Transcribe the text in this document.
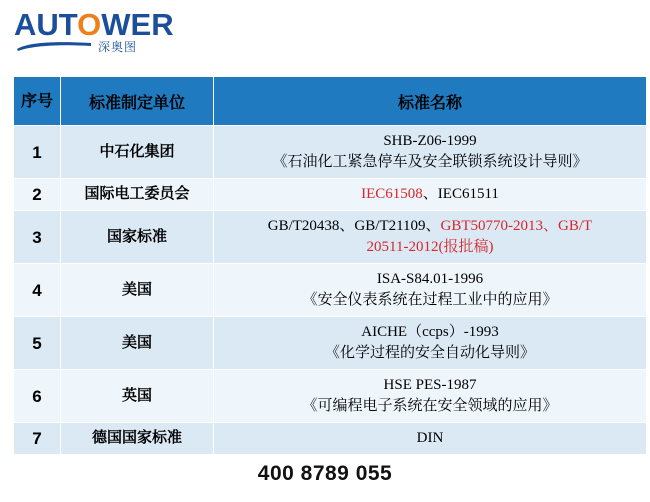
AUTOWER
深奥图
序号	标准制定单位	标准名称
1	中石化集团	SHB-Z06-1999
《石油化工紧急停车及安全联锁系统设计导则》

2	国际电工委员会	IEC61508、IEC61511

3	国家标准	GB/T20438、GB/T21109、GBT50770-2013、GB/T
20511-2012(报批稿)

4	美国	ISA-S84.01-1996
《安全仪表系统在过程工业中的应用》

5	美国	AICHE（ccps）-1993
《化学过程的安全自动化导则》

6	英国	HSE PES-1987
《可编程电子系统在安全领域的应用》

7	德国国家标准	DIN
400 8789 055
